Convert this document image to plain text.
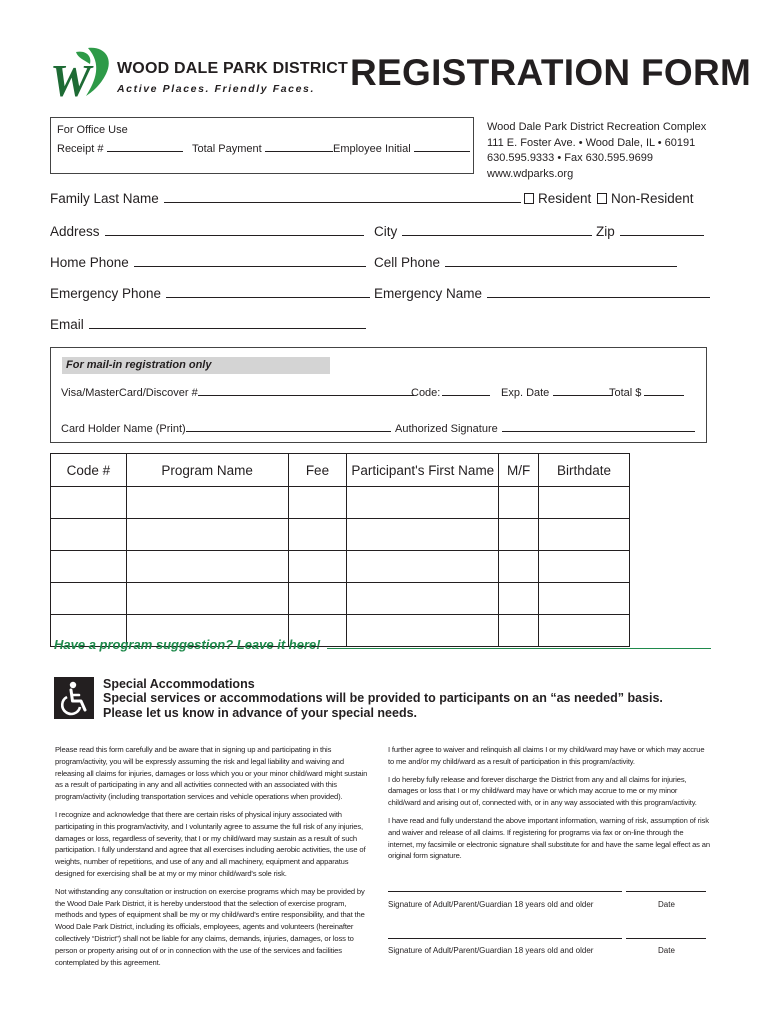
W WOOD DALE PARK DISTRICT
Active Places. Friendly Faces. REGISTRATION FORM
For Office Use
Receipt #	Total Payment	Employee Initial
Wood Dale Park District Recreation Complex
111 E. Foster Ave. • Wood Dale, IL • 60191
630.595.9333 • Fax 630.595.9699
www.wdparks.org
Family Last Name	Resident Non-Resident
Address	City	Zip
Home Phone	Cell Phone
Emergency Phone	Emergency Name
Email
For mail-in registration only
Visa/MasterCard/Discover #	Code:	Exp. Date	Total $
Card Holder Name (Print)	Authorized Signature
Code #	Program Name	Fee	Participant's First Name	M/F	Birthdate

Have a program suggestion? Leave it here!
Special Accommodations
Special services or accommodations will be provided to participants on an “as needed” basis.
Please let us know in advance of your special needs.

Please read this form carefully and be aware that in signing up and participating in this program/activity, you will be expressly assuming the risk and legal liability and waiving and releasing all claims for injuries, damages or loss which you or your minor child/ward might sustain as a result of participating in any and all activities connected with an associated with this program/activity (including transportation services and vehicle operations when provided).

I recognize and acknowledge that there are certain risks of physical injury associated with participating in this program/activity, and I voluntarily agree to assume the full risk of any injuries, damages or loss, regardless of severity, that I or my child/ward may sustain as a result of such participation. I fully understand and agree that all exercises including aerobic activities, the use of weights, number of repetitions, and use of any and all machinery, equipment and apparatus designed for exercising shall be at my or my minor child/ward's sole risk.

Not withstanding any consultation or instruction on exercise programs which may be provided by the Wood Dale Park District, it is hereby understood that the selection of exercise program, methods and types of equipment shall be my or my child/ward's entire responsibility, and that the Wood Dale Park District, including its officials, employees, agents and volunteers (hereinafter collectively “District”) shall not be liable for any claims, demands, injuries, damages, or loss to person or property arising out of or in connection with the use of the services and facilities contemplated by this agreement.

I further agree to waiver and relinquish all claims I or my child/ward may have or which may accrue to me and/or my child/ward as a result of participation in this program/activity.

I do hereby fully release and forever discharge the District from any and all claims for injuries, damages or loss that I or my child/ward may have or which may accrue to me or my minor child/ward and arising out of, connected with, or in any way associated with this program/activity.

I have read and fully understand the above important information, warning of risk, assumption of risk and waiver and release of all claims. If registering for programs via fax or on-line through the internet, my facsimile or electronic signature shall substitute for and have the same legal effect as an original form signature.

Signature of Adult/Parent/Guardian 18 years old and older	Date
Signature of Adult/Parent/Guardian 18 years old and older	Date
